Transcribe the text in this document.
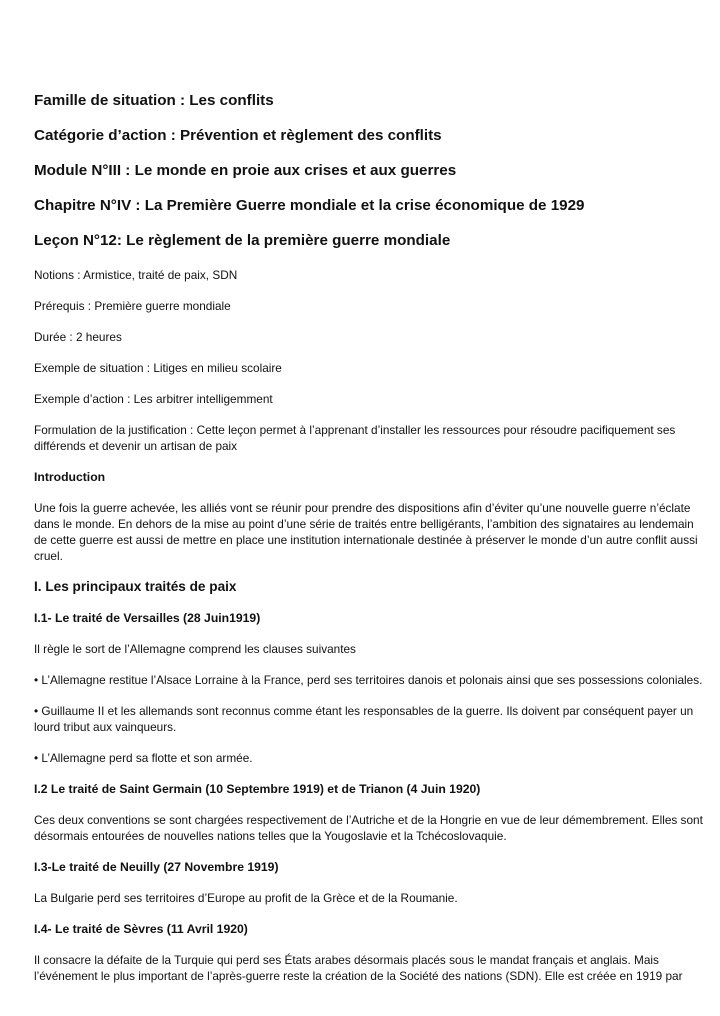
Famille de situation : Les conflits
Catégorie d’action : Prévention et règlement des conflits
Module N°III : Le monde en proie aux crises et aux guerres
Chapitre N°IV : La Première Guerre mondiale et la crise économique de 1929
Leçon N°12: Le règlement de la première guerre mondiale
Notions : Armistice, traité de paix, SDN
Prérequis : Première guerre mondiale
Durée : 2 heures
Exemple de situation : Litiges en milieu scolaire
Exemple d’action : Les arbitrer intelligemment
Formulation de la justification : Cette leçon permet à l’apprenant d’installer les ressources pour résoudre pacifiquement ses différends et devenir un artisan de paix
Introduction
Une fois la guerre achevée, les alliés vont se réunir pour prendre des dispositions afin d’éviter qu’une nouvelle guerre n’éclate dans le monde. En dehors de la mise au point d’une série de traités entre belligérants, l’ambition des signataires au lendemain de cette guerre est aussi de mettre en place une institution internationale destinée à préserver le monde d’un autre conflit aussi cruel.
I. Les principaux traités de paix
I.1- Le traité de Versailles (28 Juin1919)
Il règle le sort de l’Allemagne comprend les clauses suivantes
• L’Allemagne restitue l’Alsace Lorraine à la France, perd ses territoires danois et polonais ainsi que ses possessions coloniales.
• Guillaume II et les allemands sont reconnus comme étant les responsables de la guerre. Ils doivent par conséquent payer un lourd tribut aux vainqueurs.
• L’Allemagne perd sa flotte et son armée.
I.2 Le traité de Saint Germain (10 Septembre 1919) et de Trianon (4 Juin 1920)
Ces deux conventions se sont chargées respectivement de l’Autriche et de la Hongrie en vue de leur démembrement. Elles sont désormais entourées de nouvelles nations telles que la Yougoslavie et la Tchécoslovaquie.
I.3-Le traité de Neuilly (27 Novembre 1919)
La Bulgarie perd ses territoires d’Europe au profit de la Grèce et de la Roumanie.
I.4- Le traité de Sèvres (11 Avril 1920)
Il consacre la défaite de la Turquie qui perd ses États arabes désormais placés sous le mandat français et anglais. Mais l’événement le plus important de l’après-guerre reste la création de la Société des nations (SDN). Elle est créée en 1919 par
